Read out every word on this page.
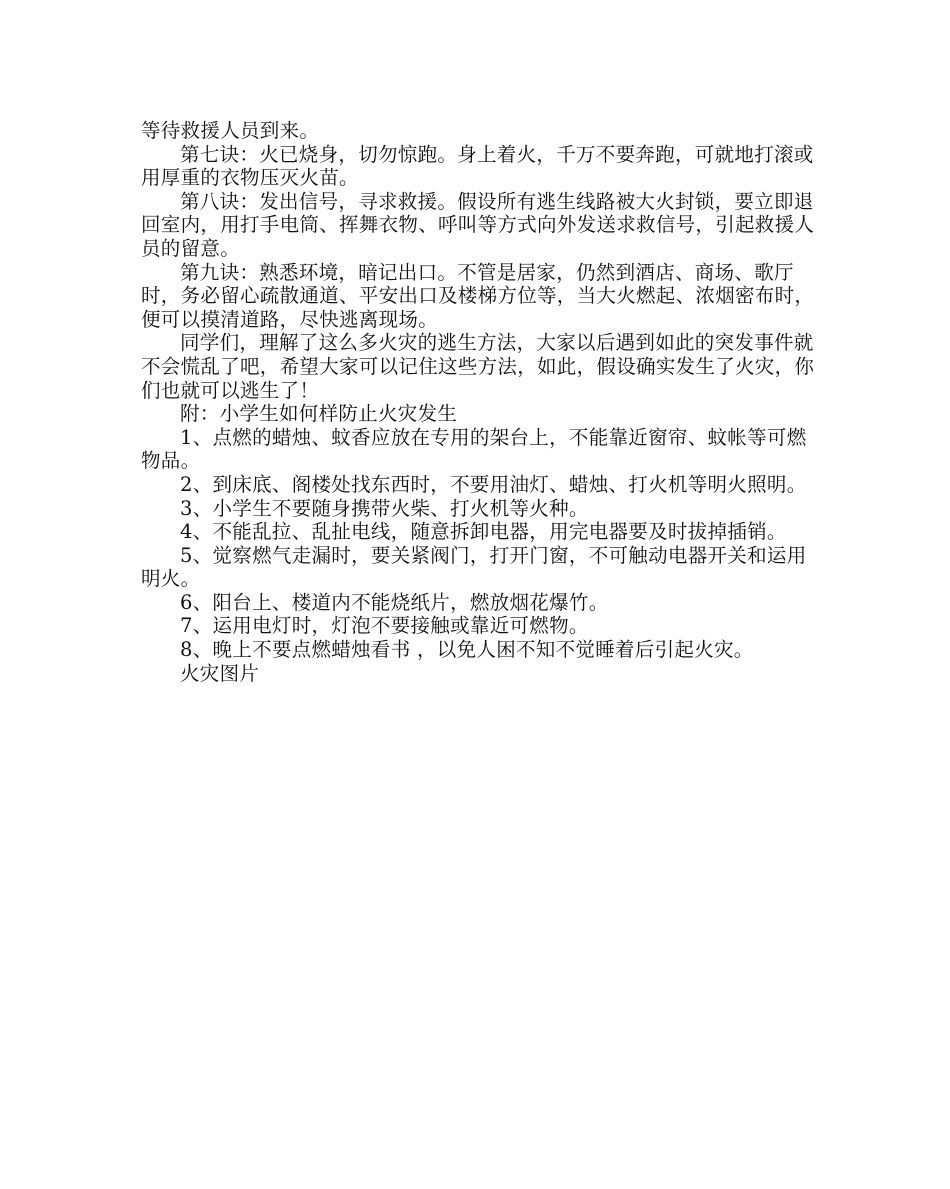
等待救援人员到来。

第七诀：火已烧身，切勿惊跑。身上着火，千万不要奔跑，可就地打滚或用厚重的衣物压灭火苗。

第八诀：发出信号，寻求救援。假设所有逃生线路被大火封锁，要立即退回室内，用打手电筒、挥舞衣物、呼叫等方式向外发送求救信号，引起救援人员的留意。

第九诀：熟悉环境，暗记出口。不管是居家，仍然到酒店、商场、歌厅时，务必留心疏散通道、平安出口及楼梯方位等，当大火燃起、浓烟密布时，便可以摸清道路，尽快逃离现场。

同学们，理解了这么多火灾的逃生方法，大家以后遇到如此的突发事件就不会慌乱了吧，希望大家可以记住这些方法，如此，假设确实发生了火灾，你们也就可以逃生了！

附：小学生如何样防止火灾发生

1、点燃的蜡烛、蚊香应放在专用的架台上，不能靠近窗帘、蚊帐等可燃物品。

2、到床底、阁楼处找东西时，不要用油灯、蜡烛、打火机等明火照明。

3、小学生不要随身携带火柴、打火机等火种。

4、不能乱拉、乱扯电线，随意拆卸电器，用完电器要及时拔掉插销。

5、觉察燃气走漏时，要关紧阀门，打开门窗，不可触动电器开关和运用明火。

6、阳台上、楼道内不能烧纸片，燃放烟花爆竹。

7、运用电灯时，灯泡不要接触或靠近可燃物。

8、晚上不要点燃蜡烛看书 ，以免人困不知不觉睡着后引起火灾。

火灾图片
